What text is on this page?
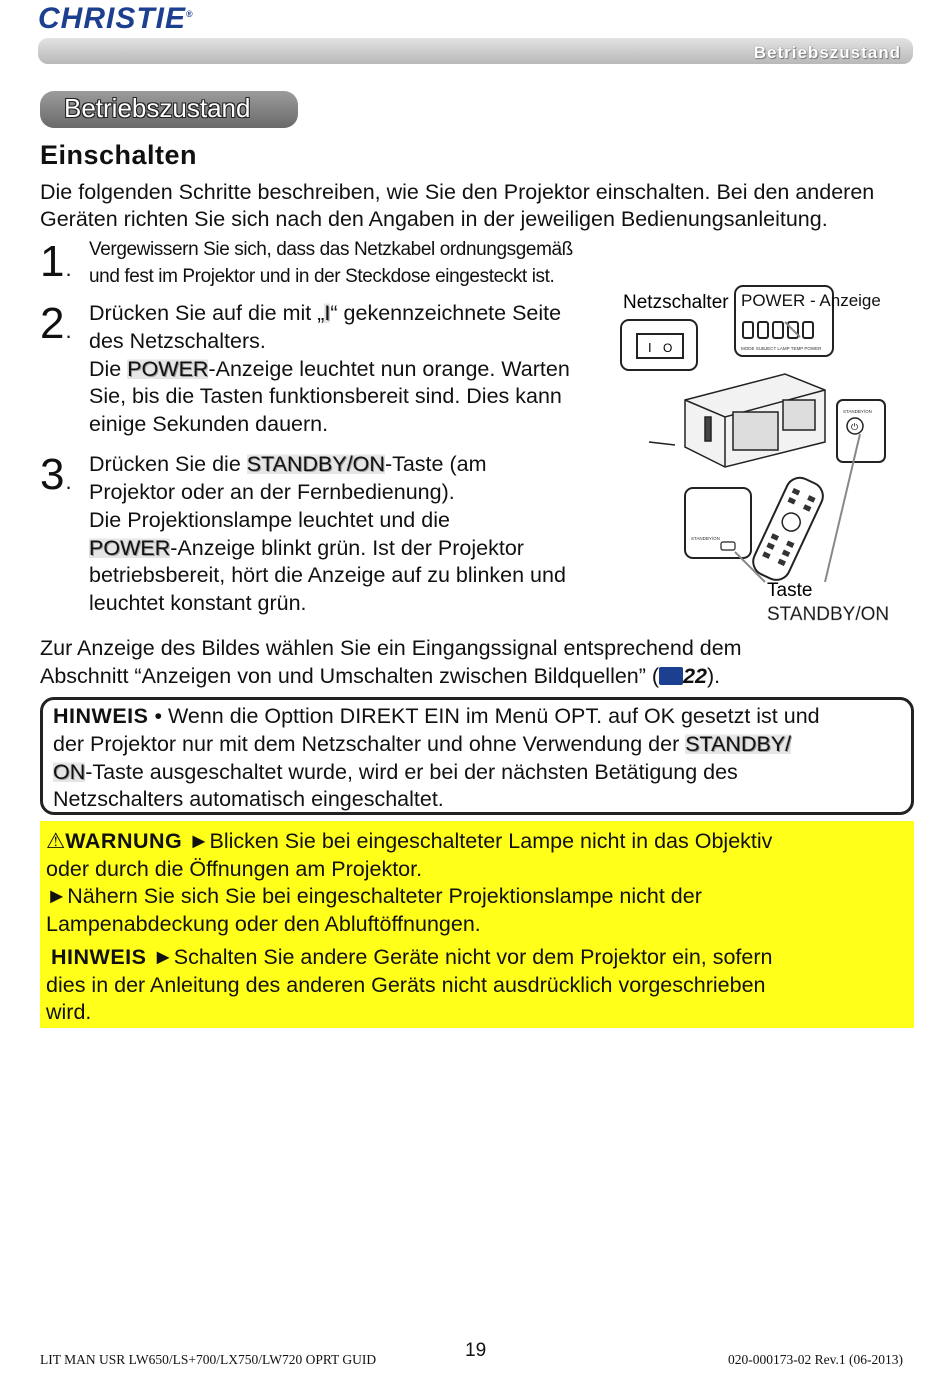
CHRISTIE®
Betriebszustand
Betriebszustand
Einschalten
Die folgenden Schritte beschreiben, wie Sie den Projektor einschalten. Bei den anderen
Geräten richten Sie sich nach den Angaben in der jeweiligen Bedienungsanleitung.
1.
Vergewissern Sie sich, dass das Netzkabel ordnungsgemäß
und fest im Projektor und in der Steckdose eingesteckt ist.
2.
Drücken Sie auf die mit „I“ gekennzeichnete Seite
des Netzschalters.
Die POWER-Anzeige leuchtet nun orange. Warten
Sie, bis die Tasten funktionsbereit sind. Dies kann
einige Sekunden dauern.
3.
Drücken Sie die STANDBY/ON-Taste (am
Projektor oder an der Fernbedienung).
Die Projektionslampe leuchtet und die
POWER-Anzeige blinkt grün. Ist der Projektor
betriebsbereit, hört die Anzeige auf zu blinken und
leuchtet konstant grün.
Netzschalter POWER - Anzeige
MODE SUBJECT LAMP TEMP POWER
I O
STANDBY/ON
⏻
STANDBY/ON
Taste
STANDBY/ON
Zur Anzeige des Bildes wählen Sie ein Eingangssignal entsprechend dem
Abschnitt “Anzeigen von und Umschalten zwischen Bildquellen” ( 22).
HINWEIS • Wenn die Opttion DIREKT EIN im Menü OPT. auf OK gesetzt ist und
der Projektor nur mit dem Netzschalter und ohne Verwendung der STANDBY/
ON-Taste ausgeschaltet wurde, wird er bei der nächsten Betätigung des
Netzschalters automatisch eingeschaltet.
⚠WARNUNG ►Blicken Sie bei eingeschalteter Lampe nicht in das Objektiv
oder durch die Öffnungen am Projektor.
►Nähern Sie sich Sie bei eingeschalteter Projektionslampe nicht der
Lampenabdeckung oder den Abluftöffnungen.
HINWEIS ►Schalten Sie andere Geräte nicht vor dem Projektor ein, sofern
dies in der Anleitung des anderen Geräts nicht ausdrücklich vorgeschrieben
wird.
LIT MAN USR LW650/LS+700/LX750/LW720 OPRT GUID	19	020-000173-02 Rev.1 (06-2013)
